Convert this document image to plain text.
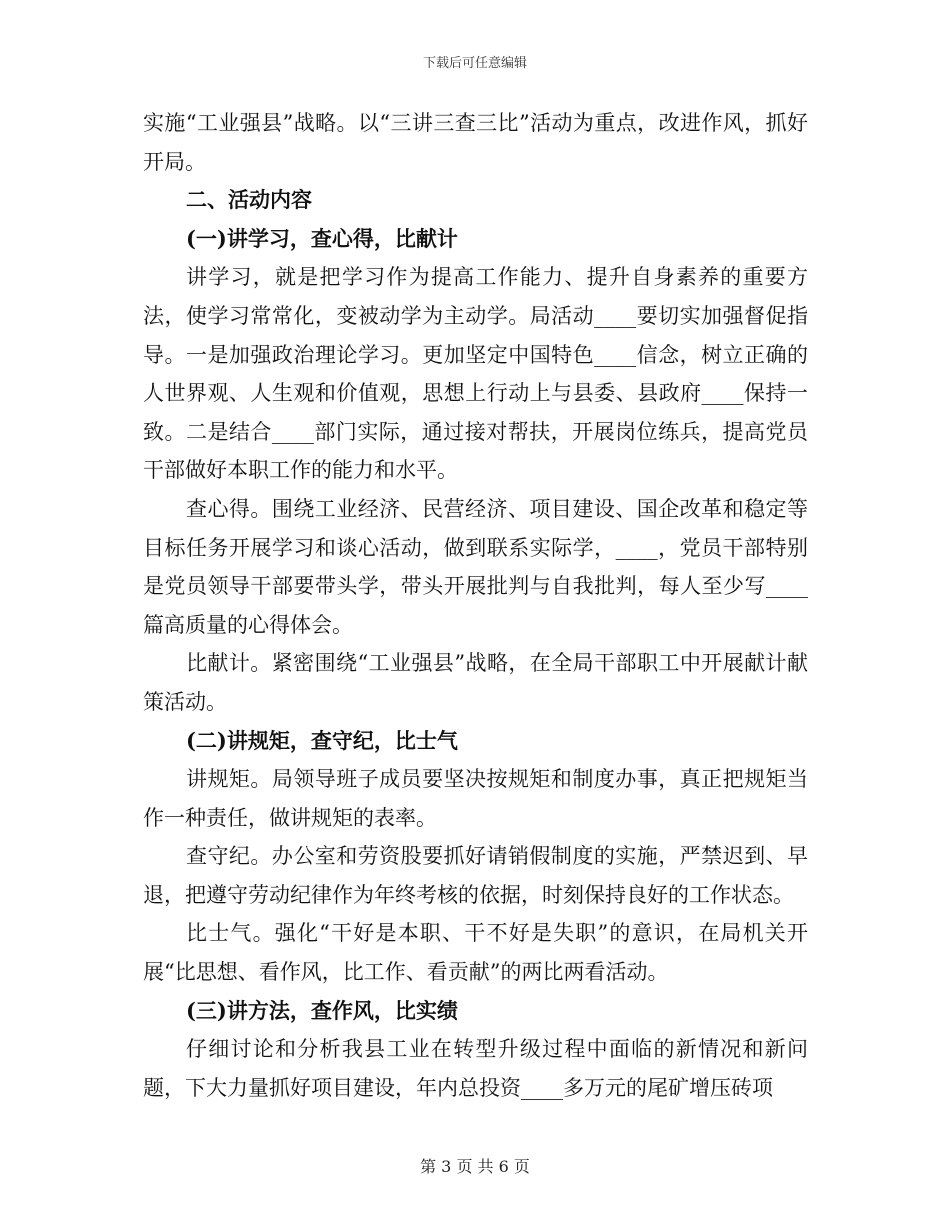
下载后可任意编辑

实施“工业强县”战略。以“三讲三查三比”活动为重点，改进作风，抓好开局。

二、活动内容

(一)讲学习，查心得，比献计

讲学习，就是把学习作为提高工作能力、提升自身素养的重要方法，使学习常常化，变被动学为主动学。局活动____要切实加强督促指导。一是加强政治理论学习。更加坚定中国特色____信念，树立正确的人世界观、人生观和价值观，思想上行动上与县委、县政府____保持一致。二是结合____部门实际，通过接对帮扶，开展岗位练兵，提高党员干部做好本职工作的能力和水平。

查心得。围绕工业经济、民营经济、项目建设、国企改革和稳定等目标任务开展学习和谈心活动，做到联系实际学，____，党员干部特别是党员领导干部要带头学，带头开展批判与自我批判，每人至少写____篇高质量的心得体会。

比献计。紧密围绕“工业强县”战略，在全局干部职工中开展献计献策活动。

(二)讲规矩，查守纪，比士气

讲规矩。局领导班子成员要坚决按规矩和制度办事，真正把规矩当作一种责任，做讲规矩的表率。

查守纪。办公室和劳资股要抓好请销假制度的实施，严禁迟到、早退，把遵守劳动纪律作为年终考核的依据，时刻保持良好的工作状态。

比士气。强化“干好是本职、干不好是失职”的意识，在局机关开展“比思想、看作风，比工作、看贡献”的两比两看活动。

(三)讲方法，查作风，比实绩

仔细讨论和分析我县工业在转型升级过程中面临的新情况和新问题，下大力量抓好项目建设，年内总投资____多万元的尾矿增压砖项

第 3 页 共 6 页
